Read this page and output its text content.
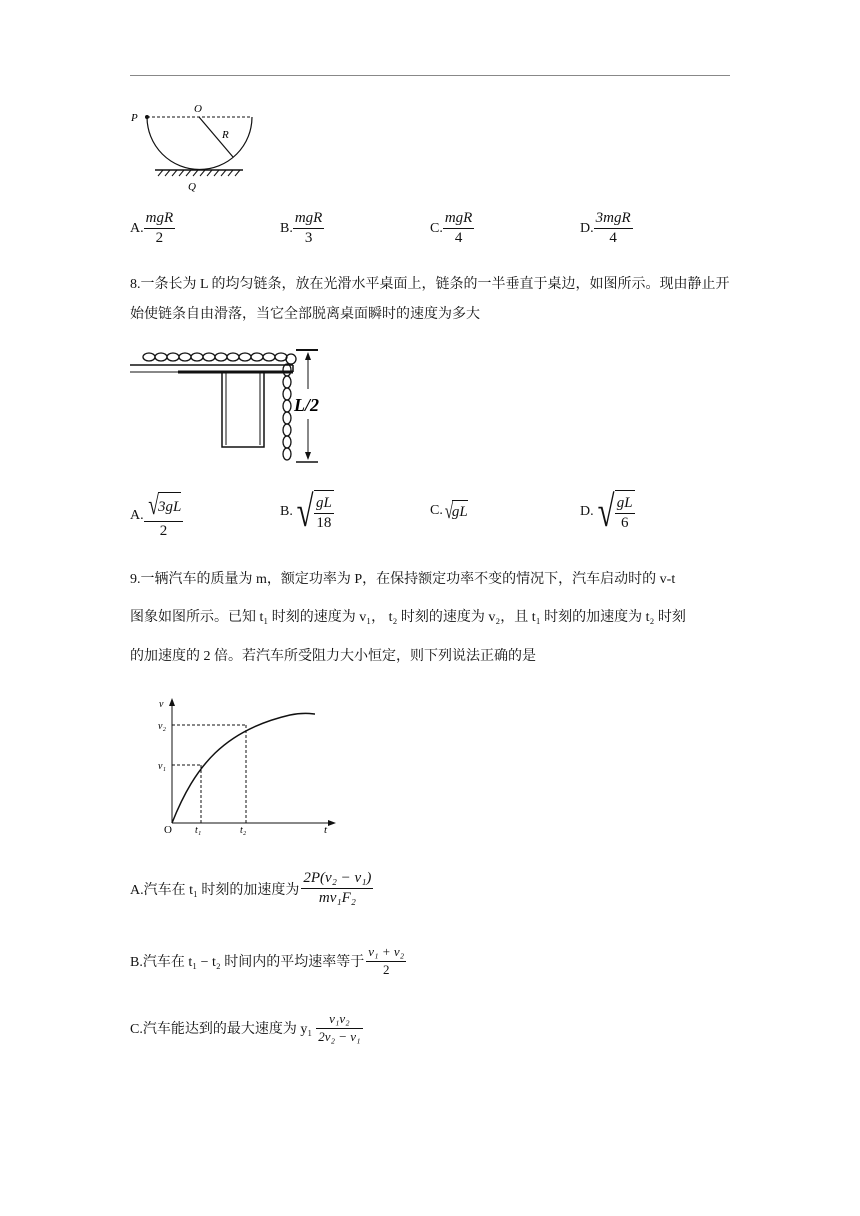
P
O
R
Q
A. $\frac{\text{mgR}}{2}$	B. $\frac{\text{mgR}}{3}$	C. $\frac{\text{mgR}}{4}$	D. $\frac{\text{3mgR}}{4}$
8.一条长为 L 的均匀链条，放在光滑水平桌面上，链条的一半垂直于桌边，如图所示。现由静止开始使链条自由滑落，当它全部脱离桌面瞬时的速度为多大
L/2
A. $\frac{√ 3gL}{2}$	B. √ $\frac{gL}{18}$	C. √
gL	D. √ $\frac{gL}{6}$
9.一辆汽车的质量为 m，额定功率为 P，在保持额定功率不变的情况下，汽车启动时的 v-t
图象如图所示。已知 t₁ 时刻的速度为 v₁， t₂ 时刻的速度为 v₂，且 t₁ 时刻的加速度为 t₂ 时刻
的加速度的 2 倍。若汽车所受阻力大小恒定，则下列说法正确的是
v
v₂
v₁
O t₁	t₂	t
A.汽车在 t₁ 时刻的加速度为 $\frac{\text{2P(v₂ − v₁)}}{\text{mv₁F₂}}$
B.汽车在 t₁ − t₂ 时间内的平均速率等于 $\frac{\text{v₁ + v₂}}{2}$
C.汽车能达到的最大速度为 $y_1 \frac{\text{v₁v₂}}{\text{2v₂ − v₁}}$
